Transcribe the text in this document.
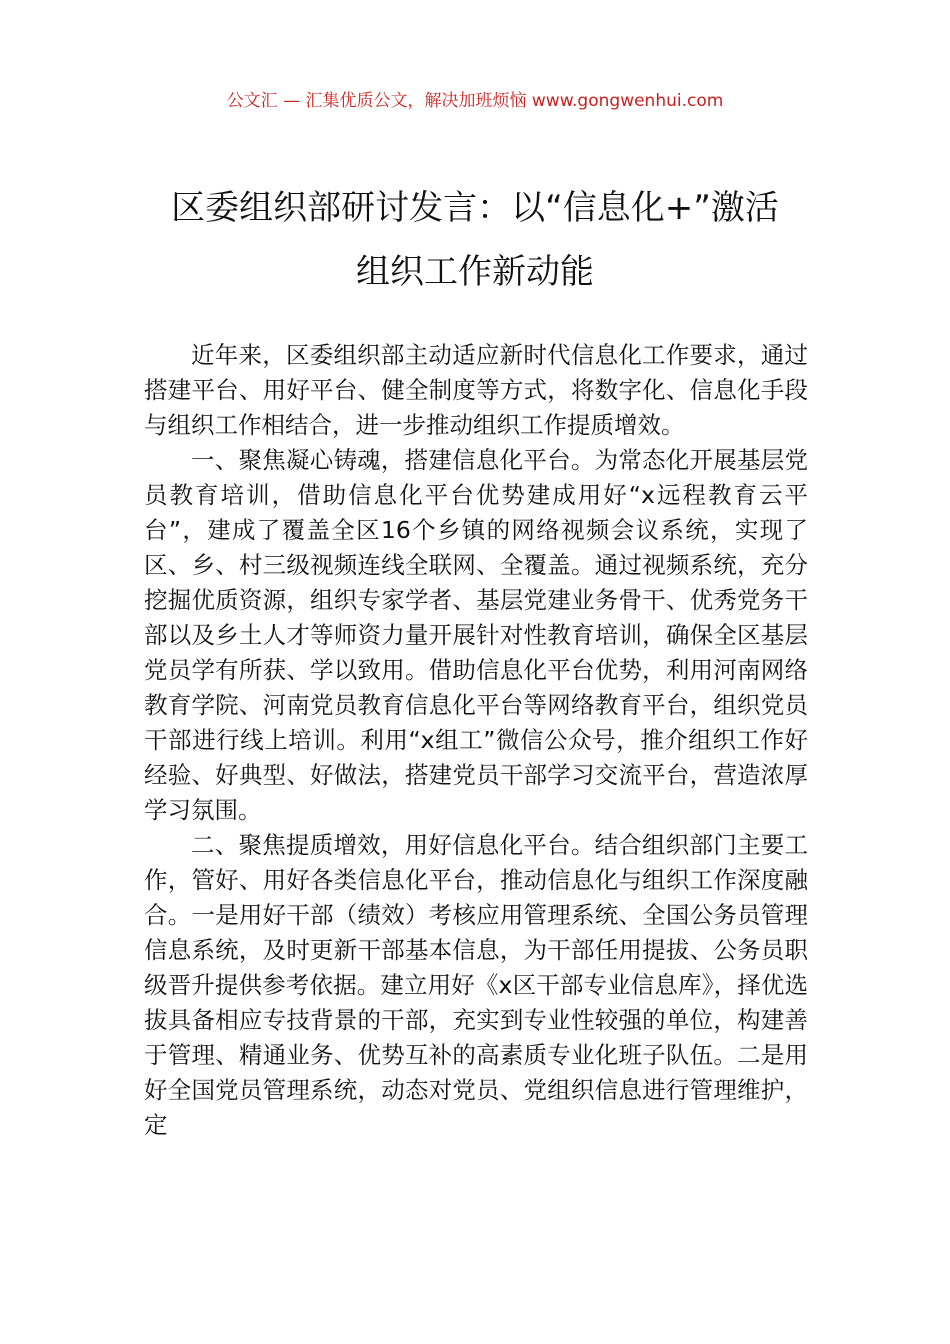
公文汇 — 汇集优质公文，解决加班烦恼 www.gongwenhui.com
区委组织部研讨发言：以“信息化+”激活
组织工作新动能

近年来，区委组织部主动适应新时代信息化工作要求，通过搭建平台、用好平台、健全制度等方式，将数字化、信息化手段与组织工作相结合，进一步推动组织工作提质增效。

一、聚焦凝心铸魂，搭建信息化平台。为常态化开展基层党员教育培训，借助信息化平台优势建成用好“x远程教育云平台”，建成了覆盖全区16个乡镇的网络视频会议系统，实现了区、乡、村三级视频连线全联网、全覆盖。通过视频系统，充分挖掘优质资源，组织专家学者、基层党建业务骨干、优秀党务干部以及乡土人才等师资力量开展针对性教育培训，确保全区基层党员学有所获、学以致用。借助信息化平台优势，利用河南网络教育学院、河南党员教育信息化平台等网络教育平台，组织党员干部进行线上培训。利用“x组工”微信公众号，推介组织工作好经验、好典型、好做法，搭建党员干部学习交流平台，营造浓厚学习氛围。

二、聚焦提质增效，用好信息化平台。结合组织部门主要工作，管好、用好各类信息化平台，推动信息化与组织工作深度融合。一是用好干部（绩效）考核应用管理系统、全国公务员管理信息系统，及时更新干部基本信息，为干部任用提拔、公务员职级晋升提供参考依据。建立用好《x区干部专业信息库》，择优选拔具备相应专技背景的干部，充实到专业性较强的单位，构建善于管理、精通业务、优势互补的高素质专业化班子队伍。二是用好全国党员管理系统，动态对党员、党组织信息进行管理维护，定
